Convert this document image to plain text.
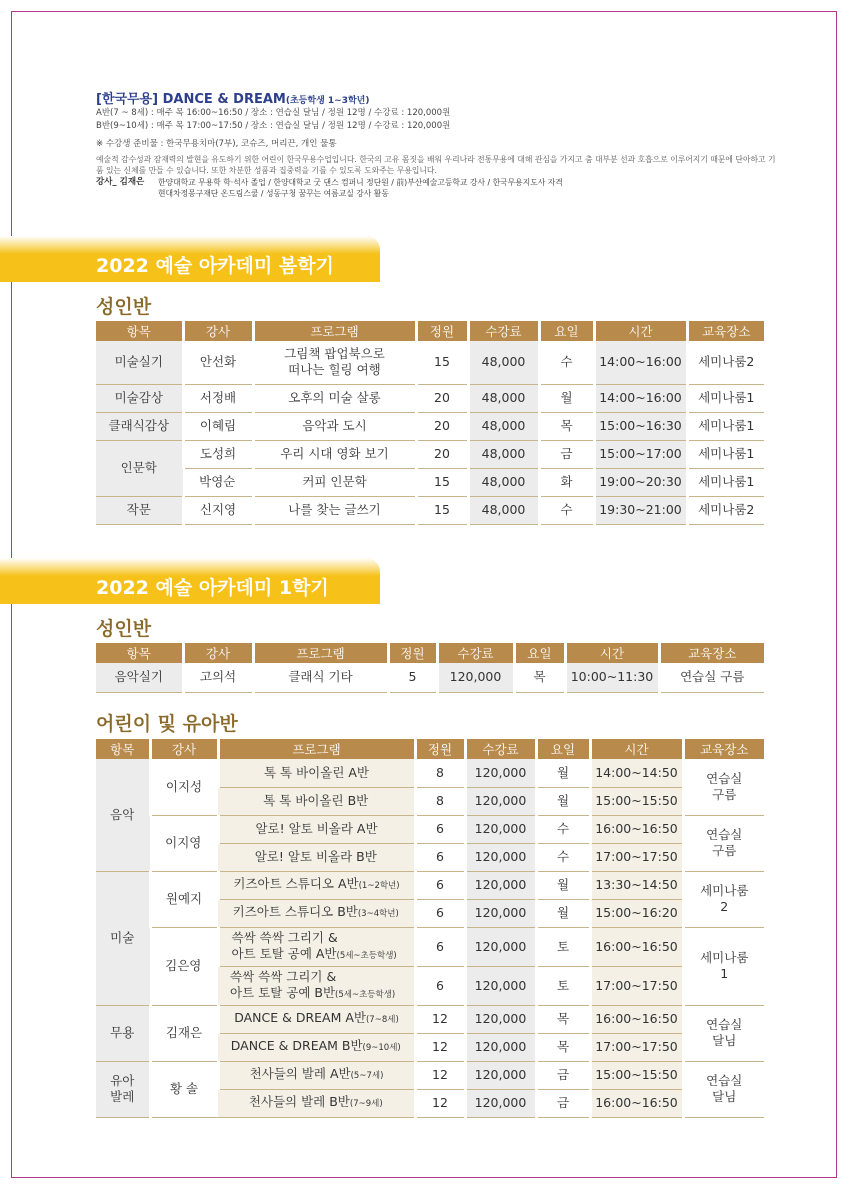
[한국무용] DANCE & DREAM(초등학생 1~3학년)
A반(7 ~ 8세) : 매주 목 16:00~16:50 / 장소 : 연습실 달님 / 정원 12명 / 수강료 : 120,000원
B반(9~10세) : 매주 목 17:00~17:50 / 장소 : 연습실 달님 / 정원 12명 / 수강료 : 120,000원
※ 수강생 준비물 : 한국무용치마(7부), 코슈즈, 머리끈, 개인 물통
예술적 감수성과 잠재력의 발현을 유도하기 위한 어린이 한국무용수업입니다. 한국의 고유 몸짓을 배워 우리나라 전통무용에 대해 관심을 가지고 춤 대부분 선과 호흡으로 이루어지기 때문에 단아하고 기품 있는 신체를 만들 수 있습니다. 또한 차분한 성품과 집중력을 기를 수 있도록 도와주는 무용입니다.
강사_ 김재은	한양대학교 무용학 학·석사 졸업 / 한양대학교 굿 댄스 컴퍼니 정단원 / 前)부산예술고등학교 강사 / 한국무용지도사 자격
현대차정몽구재단 온드림스쿨 / 성동구청 꿈꾸는 여름교실 강사 활동
2022 예술 아카데미 봄학기
성인반
항목	강사	프로그램	정원	수강료	요일	시간	교육장소
미술실기	안선화	그림책 팝업북으로
떠나는 힐링 여행	15	48,000	수	14:00~16:00	세미나룸2
미술감상	서정배	오후의 미술 살롱	20	48,000	월	14:00~16:00	세미나룸1
클래식감상	이혜림	음악과 도시	20	48,000	목	15:00~16:30	세미나룸1
인문학	도성희	우리 시대 영화 보기	20	48,000	금	15:00~17:00	세미나룸1
	박영순	커피 인문학	15	48,000	화	19:00~20:30	세미나룸1
작문	신지영	나를 찾는 글쓰기	15	48,000	수	19:30~21:00	세미나룸2
2022 예술 아카데미 1학기
성인반
항목	강사	프로그램	정원	수강료	요일	시간	교육장소
음악실기	고의석	클래식 기타	5	120,000	목	10:00~11:30	연습실 구름
어린이 및 유아반
항목	강사	프로그램	정원	수강료	요일	시간	교육장소
음악	이지성	톡 톡 바이올린 A반	8	120,000	월	14:00~14:50	연습실
구름
		톡 톡 바이올린 B반	8	120,000	월	15:00~15:50	
	이지영	알로! 알토 비올라 A반	6	120,000	수	16:00~16:50	연습실
구름
		알로! 알토 비올라 B반	6	120,000	수	17:00~17:50	
미술	원예지	키즈아트 스튜디오 A반(1~2학년)	6	120,000	월	13:30~14:50	세미나룸
2
		키즈아트 스튜디오 B반(3~4학년)	6	120,000	월	15:00~16:20	
	김은영	쓱싹 쓱싹 그리기 &
아트 토탈 공예 A반(5세~초등학생)	6	120,000	토	16:00~16:50	세미나룸
1
		쓱싹 쓱싹 그리기 &
아트 토탈 공예 B반(5세~초등학생)	6	120,000	토	17:00~17:50	
무용	김재은	DANCE & DREAM A반(7~8세)	12	120,000	목	16:00~16:50	연습실
달님
		DANCE & DREAM B반(9~10세)	12	120,000	목	17:00~17:50	
유아
발레	황 솔	천사들의 발레 A반(5~7세)	12	120,000	금	15:00~15:50	연습실
달님
		천사들의 발레 B반(7~9세)	12	120,000	금	16:00~16:50	
